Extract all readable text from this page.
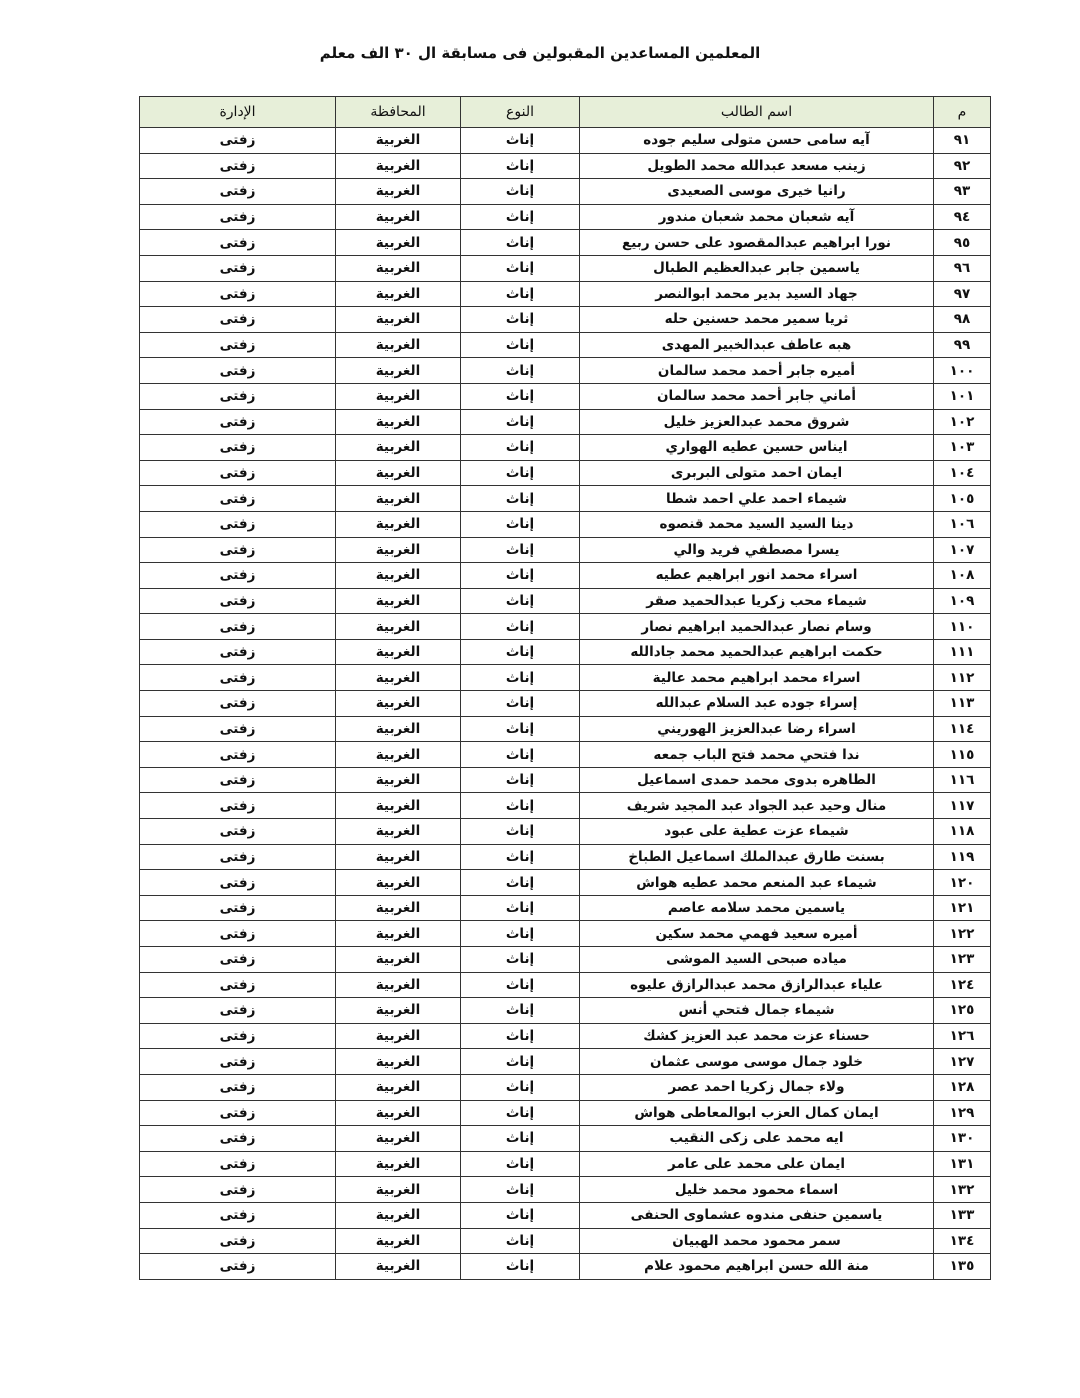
المعلمين المساعدين المقبولين فى مسابقة ال ٣٠ الف معلم
م	اسم الطالب	النوع	المحافظة	الإدارة
٩١	آيه سامى حسن متولى سليم جوده	إناث	الغربية	زفتى
٩٢	زينب مسعد عبدالله محمد الطويل	إناث	الغربية	زفتى
٩٣	رانيا خيرى موسى الصعيدى	إناث	الغربية	زفتى
٩٤	آيه شعبان محمد شعبان مندور	إناث	الغربية	زفتى
٩٥	نورا ابراهيم عبدالمقصود على حسن ربيع	إناث	الغربية	زفتى
٩٦	ياسمين جابر عبدالعظيم الطبال	إناث	الغربية	زفتى
٩٧	جهاد السيد بدير محمد ابوالنصر	إناث	الغربية	زفتى
٩٨	ثريا سمير محمد حسنين حله	إناث	الغربية	زفتى
٩٩	هبه عاطف عبدالخبير المهدى	إناث	الغربية	زفتى
١٠٠	أميره جابر أحمد محمد سالمان	إناث	الغربية	زفتى
١٠١	أماني جابر أحمد محمد سالمان	إناث	الغربية	زفتى
١٠٢	شروق محمد عبدالعزيز خليل	إناث	الغربية	زفتى
١٠٣	ايناس حسين عطيه الهواري	إناث	الغربية	زفتى
١٠٤	ايمان احمد متولى البربرى	إناث	الغربية	زفتى
١٠٥	شيماء احمد علي احمد شطا	إناث	الغربية	زفتى
١٠٦	دينا السيد السيد محمد قنصوه	إناث	الغربية	زفتى
١٠٧	يسرا مصطفي فريد والي	إناث	الغربية	زفتى
١٠٨	اسراء محمد انور ابراهيم عطيه	إناث	الغربية	زفتى
١٠٩	شيماء محب زكريا عبدالحميد صقر	إناث	الغربية	زفتى
١١٠	وسام نصار عبدالحميد ابراهيم نصار	إناث	الغربية	زفتى
١١١	حكمت ابراهيم عبدالحميد محمد جادالله	إناث	الغربية	زفتى
١١٢	اسراء محمد ابراهيم محمد عالية	إناث	الغربية	زفتى
١١٣	إسراء جوده عبد السلام عبدالله	إناث	الغربية	زفتى
١١٤	اسراء رضا عبدالعزيز الهوريني	إناث	الغربية	زفتى
١١٥	ندا فتحي محمد فتح الباب جمعه	إناث	الغربية	زفتى
١١٦	الطاهره بدوى محمد حمدى اسماعيل	إناث	الغربية	زفتى
١١٧	منال وحيد عبد الجواد عبد المجيد شريف	إناث	الغربية	زفتى
١١٨	شيماء عزت عطية على عبود	إناث	الغربية	زفتى
١١٩	بسنت طارق عبدالملك اسماعيل الطباخ	إناث	الغربية	زفتى
١٢٠	شيماء عبد المنعم محمد عطيه هواش	إناث	الغربية	زفتى
١٢١	ياسمين محمد سلامه عاصم	إناث	الغربية	زفتى
١٢٢	أميره سعيد فهمي محمد سكين	إناث	الغربية	زفتى
١٢٣	مياده صبحى السيد الموشى	إناث	الغربية	زفتى
١٢٤	علياء عبدالرازق محمد عبدالرازق عليوه	إناث	الغربية	زفتى
١٢٥	شيماء جمال فتحي أنس	إناث	الغربية	زفتى
١٢٦	حسناء عزت محمد عبد العزيز كشك	إناث	الغربية	زفتى
١٢٧	خلود جمال موسى موسى عثمان	إناث	الغربية	زفتى
١٢٨	ولاء جمال زكريا احمد عصر	إناث	الغربية	زفتى
١٢٩	ايمان كمال العزب ابوالمعاطى هواش	إناث	الغربية	زفتى
١٣٠	ايه محمد على زكى النقيب	إناث	الغربية	زفتى
١٣١	ايمان على محمد على عامر	إناث	الغربية	زفتى
١٣٢	اسماء محمود محمد خليل	إناث	الغربية	زفتى
١٣٣	ياسمين حنفى مندوه عشماوى الحنفى	إناث	الغربية	زفتى
١٣٤	سمر محمود محمد الهبيان	إناث	الغربية	زفتى
١٣٥	منة الله حسن ابراهيم محمود علام	إناث	الغربية	زفتى
